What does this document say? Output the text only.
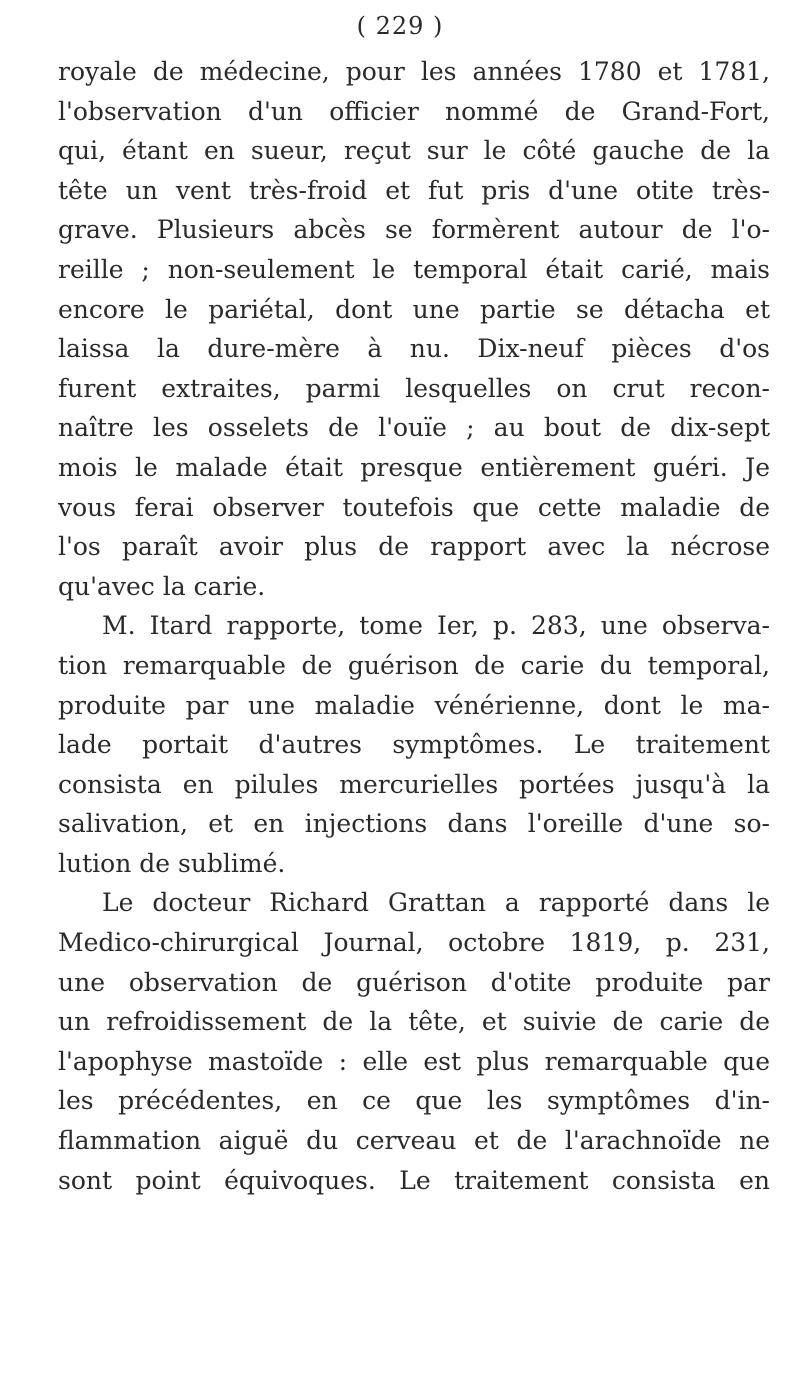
( 229 )
royale de médecine, pour les années 1780 et 1781,
l'observation d'un officier nommé de Grand-Fort,
qui, étant en sueur, reçut sur le côté gauche de la
tête un vent très-froid et fut pris d'une otite très-
grave. Plusieurs abcès se formèrent autour de l'o-
reille ; non-seulement le temporal était carié, mais
encore le pariétal, dont une partie se détacha et
laissa la dure-mère à nu. Dix-neuf pièces d'os
furent extraites, parmi lesquelles on crut recon-
naître les osselets de l'ouïe ; au bout de dix-sept
mois le malade était presque entièrement guéri. Je
vous ferai observer toutefois que cette maladie de
l'os paraît avoir plus de rapport avec la nécrose
qu'avec la carie.
M. Itard rapporte, tome Ier, p. 283, une observa-
tion remarquable de guérison de carie du temporal,
produite par une maladie vénérienne, dont le ma-
lade portait d'autres symptômes. Le traitement
consista en pilules mercurielles portées jusqu'à la
salivation, et en injections dans l'oreille d'une so-
lution de sublimé.
Le docteur Richard Grattan a rapporté dans le
Medico-chirurgical Journal, octobre 1819, p. 231,
une observation de guérison d'otite produite par
un refroidissement de la tête, et suivie de carie de
l'apophyse mastoïde : elle est plus remarquable que
les précédentes, en ce que les symptômes d'in-
flammation aiguë du cerveau et de l'arachnoïde ne
sont point équivoques. Le traitement consista en
